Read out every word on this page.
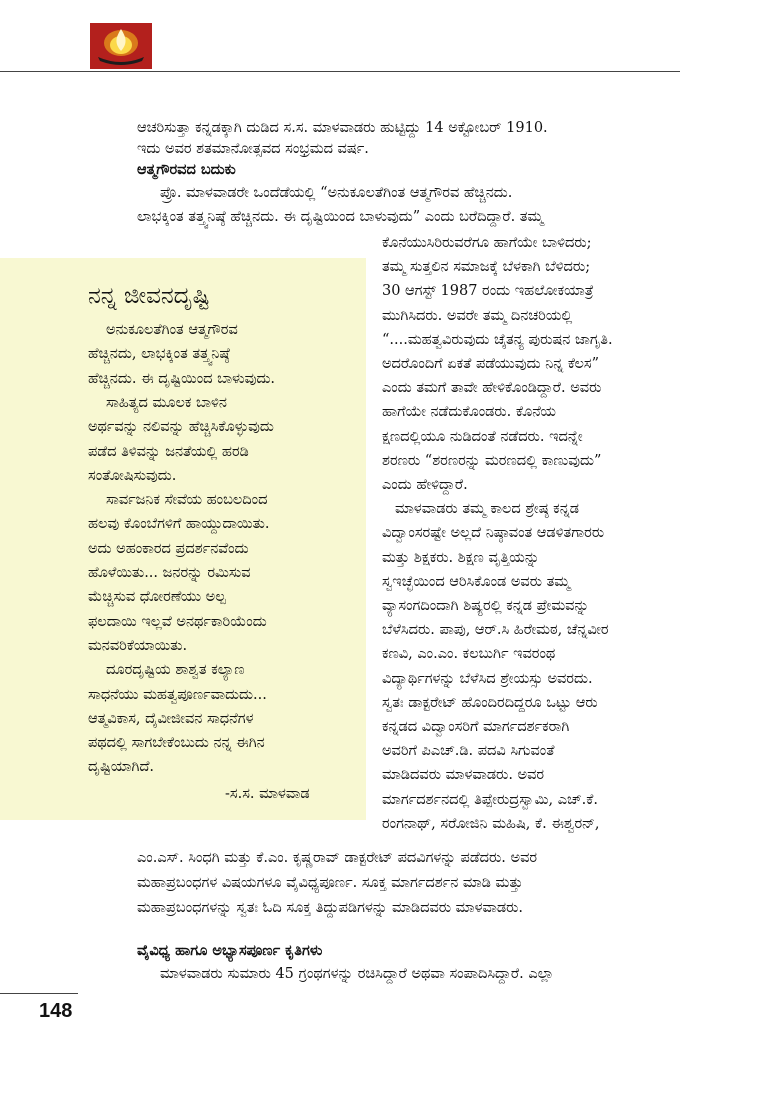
ಆಚರಿಸುತ್ತಾ ಕನ್ನಡಕ್ಕಾಗಿ ದುಡಿದ ಸ.ಸ. ಮಾಳವಾಡರು ಹುಟ್ಟಿದ್ದು 14 ಅಕ್ಟೋಬರ್ 1910.
ಇದು ಅವರ ಶತಮಾನೋತ್ಸವದ ಸಂಭ್ರಮದ ವರ್ಷ.
ಆತ್ಮಗೌರವದ ಬದುಕು
ಪ್ರೊ. ಮಾಳವಾಡರೇ ಒಂದೆಡೆಯಲ್ಲಿ “ಅನುಕೂಲತೆಗಿಂತ ಆತ್ಮಗೌರವ ಹೆಚ್ಚಿನದು.
ಲಾಭಕ್ಕಿಂತ ತತ್ತ್ವನಿಷ್ಠೆ ಹೆಚ್ಚಿನದು. ಈ ದೃಷ್ಟಿಯಿಂದ ಬಾಳುವುದು” ಎಂದು ಬರೆದಿದ್ದಾರೆ. ತಮ್ಮ
ಕೊನೆಯುಸಿರಿರುವರೆಗೂ ಹಾಗೆಯೇ ಬಾಳಿದರು;
ತಮ್ಮ ಸುತ್ತಲಿನ ಸಮಾಜಕ್ಕೆ ಬೆಳಕಾಗಿ ಬೆಳಿದರು;
30 ಆಗಸ್ಟ್ 1987 ರಂದು ಇಹಲೋಕಯಾತ್ರೆ
ಮುಗಿಸಿದರು. ಅವರೇ ತಮ್ಮ ದಿನಚರಿಯಲ್ಲಿ
“....ಮಹತ್ವವಿರುವುದು ಚೈತನ್ಯ ಪುರುಷನ ಜಾಗೃತಿ.
ಅದರೊಂದಿಗೆ ಏಕತೆ ಪಡೆಯುವುದು ನಿನ್ನ ಕೆಲಸ”
ಎಂದು ತಮಗೆ ತಾವೇ ಹೇಳಿಕೊಂಡಿದ್ದಾರೆ. ಅವರು
ಹಾಗೆಯೇ ನಡೆದುಕೊಂಡರು. ಕೊನೆಯ
ಕ್ಷಣದಲ್ಲಿಯೂ ನುಡಿದಂತೆ ನಡೆದರು. ಇದನ್ನೇ
ಶರಣರು “ಶರಣರನ್ನು ಮರಣದಲ್ಲಿ ಕಾಣುವುದು”
ಎಂದು ಹೇಳಿದ್ದಾರೆ.
ಮಾಳವಾಡರು ತಮ್ಮ ಕಾಲದ ಶ್ರೇಷ್ಠ ಕನ್ನಡ
ವಿದ್ವಾಂಸರಷ್ಟೇ ಅಲ್ಲದೆ ನಿಷ್ಠಾವಂತ ಆಡಳಿತಗಾರರು
ಮತ್ತು ಶಿಕ್ಷಕರು. ಶಿಕ್ಷಣ ವೃತ್ತಿಯನ್ನು
ಸ್ವಇಚ್ಛೆಯಿಂದ ಆರಿಸಿಕೊಂಡ ಅವರು ತಮ್ಮ
ವ್ಯಾಸಂಗದಿಂದಾಗಿ ಶಿಷ್ಯರಲ್ಲಿ ಕನ್ನಡ ಪ್ರೇಮವನ್ನು
ಬೆಳೆಸಿದರು. ಪಾಪು, ಆರ್.ಸಿ ಹಿರೇಮಠ, ಚೆನ್ನವೀರ
ಕಣವಿ, ಎಂ.ಎಂ. ಕಲಬುರ್ಗಿ ಇವರಂಥ
ವಿದ್ಯಾರ್ಥಿಗಳನ್ನು ಬೆಳೆಸಿದ ಶ್ರೇಯಸ್ಸು ಅವರದು.
ಸ್ವತಃ ಡಾಕ್ಟರೇಟ್ ಹೊಂದಿರದಿದ್ದರೂ ಒಟ್ಟು ಆರು
ಕನ್ನಡದ ವಿದ್ವಾಂಸರಿಗೆ ಮಾರ್ಗದರ್ಶಕರಾಗಿ
ಅವರಿಗೆ ಪಿಎಚ್.ಡಿ. ಪದವಿ ಸಿಗುವಂತೆ
ಮಾಡಿದವರು ಮಾಳವಾಡರು. ಅವರ
ಮಾರ್ಗದರ್ಶನದಲ್ಲಿ ತಿಪ್ಪೇರುದ್ರಸ್ವಾಮಿ, ಎಚ್.ಕೆ.
ರಂಗನಾಥ್, ಸರೋಜಿನಿ ಮಹಿಷಿ, ಕೆ. ಈಶ್ವರನ್,
ಎಂ.ಎಸ್. ಸಿಂಧಗಿ ಮತ್ತು ಕೆ.ಎಂ. ಕೃಷ್ಣರಾವ್ ಡಾಕ್ಟರೇಟ್ ಪದವಿಗಳನ್ನು ಪಡೆದರು. ಅವರ
ಮಹಾಪ್ರಬಂಧಗಳ ವಿಷಯಗಳೂ ವೈವಿಧ್ಯಪೂರ್ಣ. ಸೂಕ್ತ ಮಾರ್ಗದರ್ಶನ ಮಾಡಿ ಮತ್ತು
ಮಹಾಪ್ರಬಂಧಗಳನ್ನು ಸ್ವತಃ ಓದಿ ಸೂಕ್ತ ತಿದ್ದುಪಡಿಗಳನ್ನು ಮಾಡಿದವರು ಮಾಳವಾಡರು.
ವೈವಿಧ್ಯ ಹಾಗೂ ಅಭ್ಯಾಸಪೂರ್ಣ ಕೃತಿಗಳು
ಮಾಳವಾಡರು ಸುಮಾರು 45 ಗ್ರಂಥಗಳನ್ನು ರಚಿಸಿದ್ದಾರೆ ಅಥವಾ ಸಂಪಾದಿಸಿದ್ದಾರೆ. ಎಲ್ಲಾ
ನನ್ನ ಜೀವನದೃಷ್ಟಿ
ಅನುಕೂಲತೆಗಿಂತ ಆತ್ಮಗೌರವ
ಹೆಚ್ಚಿನದು, ಲಾಭಕ್ಕಿಂತ ತತ್ತ್ವನಿಷ್ಠೆ
ಹೆಚ್ಚಿನದು. ಈ ದೃಷ್ಟಿಯಿಂದ ಬಾಳುವುದು.
ಸಾಹಿತ್ಯದ ಮೂಲಕ ಬಾಳಿನ
ಅರ್ಥವನ್ನು ನಲಿವನ್ನು ಹೆಚ್ಚಿಸಿಕೊಳ್ಳುವುದು
ಪಡೆದ ತಿಳಿವನ್ನು ಜನತೆಯಲ್ಲಿ ಹರಡಿ
ಸಂತೋಷಿಸುವುದು.
ಸಾರ್ವಜನಿಕ ಸೇವೆಯ ಹಂಬಲದಿಂದ
ಹಲವು ಕೊಂಬೆಗಳಿಗೆ ಹಾಯ್ದುದಾಯಿತು.
ಅದು ಅಹಂಕಾರದ ಪ್ರದರ್ಶನವೆಂದು
ಹೊಳೆಯಿತು... ಜನರನ್ನು ರಮಿಸುವ
ಮೆಚ್ಚಿಸುವ ಧೋರಣೆಯು ಅಲ್ಪ
ಫಲದಾಯಿ ಇಲ್ಲವೆ ಅನರ್ಥಕಾರಿಯೆಂದು
ಮನವರಿಕೆಯಾಯಿತು.
ದೂರದೃಷ್ಟಿಯ ಶಾಶ್ವತ ಕಲ್ಯಾಣ
ಸಾಧನೆಯು ಮಹತ್ವಪೂರ್ಣವಾದುದು...
ಆತ್ಮವಿಕಾಸ, ದೈವೀಜೀವನ ಸಾಧನೆಗಳ
ಪಥದಲ್ಲಿ ಸಾಗಬೇಕೆಂಬುದು ನನ್ನ ಈಗಿನ
ದೃಷ್ಟಿಯಾಗಿದೆ.
-ಸ.ಸ. ಮಾಳವಾಡ
148
